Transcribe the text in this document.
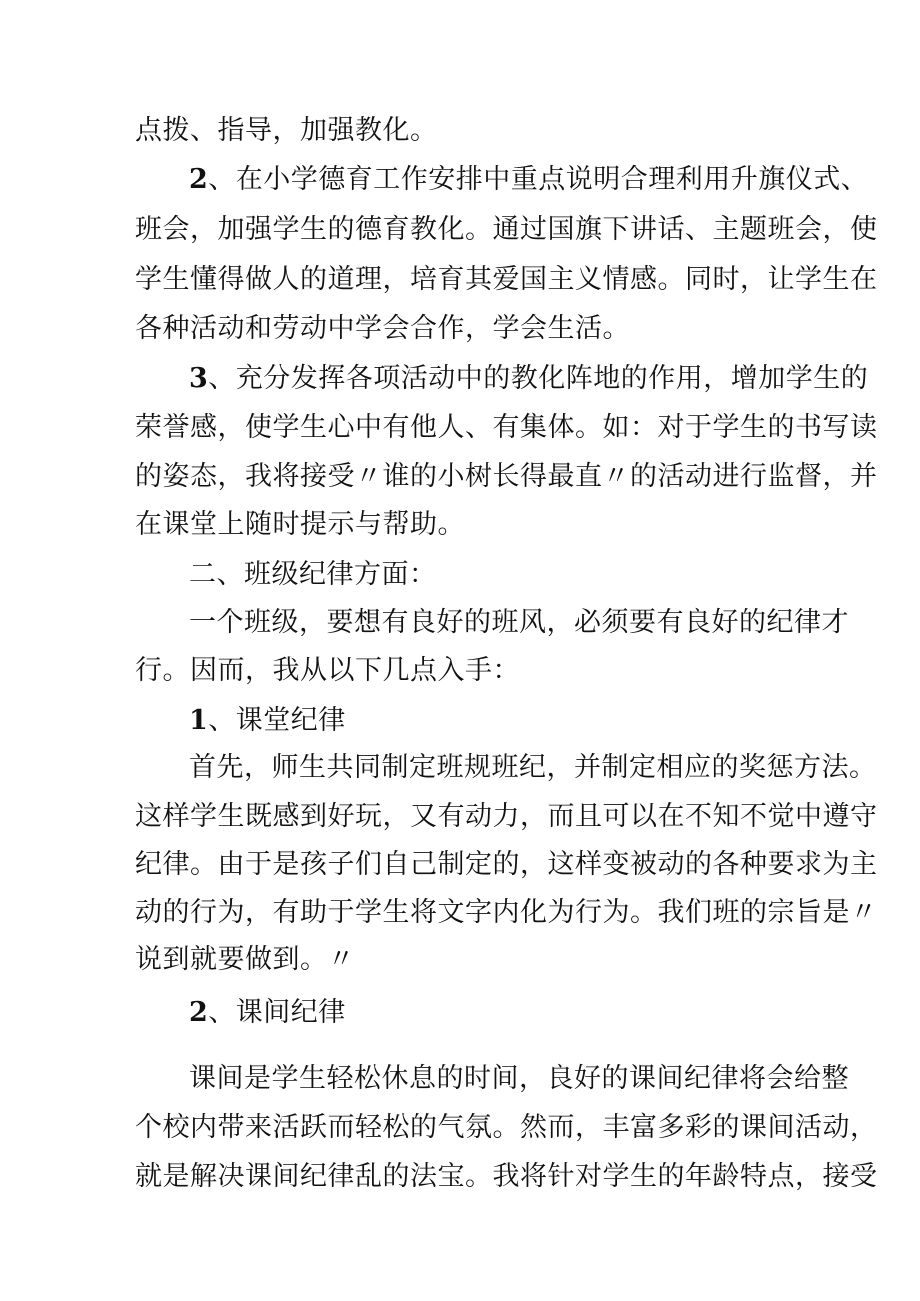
点拨、指导，加强教化。
2、在小学德育工作安排中重点说明合理利用升旗仪式、
班会，加强学生的德育教化。通过国旗下讲话、主题班会，使
学生懂得做人的道理，培育其爱国主义情感。同时，让学生在
各种活动和劳动中学会合作，学会生活。
3、充分发挥各项活动中的教化阵地的作用，增加学生的
荣誉感，使学生心中有他人、有集体。如：对于学生的书写读
的姿态，我将接受〃谁的小树长得最直〃的活动进行监督，并
在课堂上随时提示与帮助。
二、班级纪律方面：
一个班级，要想有良好的班风，必须要有良好的纪律才
行。因而，我从以下几点入手：
1、课堂纪律
首先，师生共同制定班规班纪，并制定相应的奖惩方法。
这样学生既感到好玩，又有动力，而且可以在不知不觉中遵守
纪律。由于是孩子们自己制定的，这样变被动的各种要求为主
动的行为，有助于学生将文字内化为行为。我们班的宗旨是〃
说到就要做到。〃
2、课间纪律
课间是学生轻松休息的时间，良好的课间纪律将会给整
个校内带来活跃而轻松的气氛。然而，丰富多彩的课间活动，
就是解决课间纪律乱的法宝。我将针对学生的年龄特点，接受
